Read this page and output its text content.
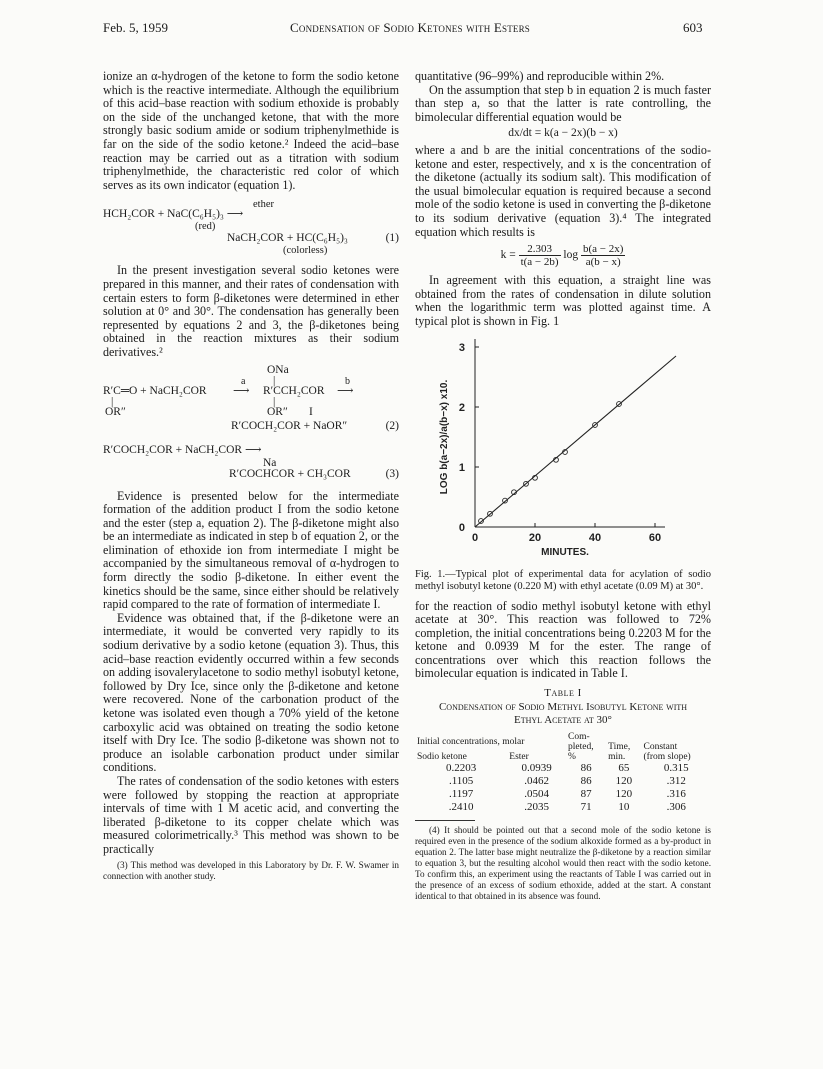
Feb. 5, 1959	Condensation of Sodio Ketones with Esters	603

ionize an α-hydrogen of the ketone to form the sodio ketone which is the reactive intermediate. Although the equilibrium of this acid–base reaction with sodium ethoxide is probably on the side of the unchanged ketone, that with the more strongly basic sodium amide or sodium triphenylmethide is far on the side of the sodio ketone.² Indeed the acid–base reaction may be carried out as a titration with sodium triphenylmethide, the characteristic red color of which serves as its own indicator (equation 1).

ether
HCH₂COR + NaC(C₆H₅)₃ ⟶
(red)
NaCH₂COR + HC(C₆H₅)₃	(1)
(colorless)

In the present investigation several sodio ketones were prepared in this manner, and their rates of condensation with certain esters to form β-diketones were determined in ether solution at 0° and 30°. The condensation has generally been represented by equations 2 and 3, the β-diketones being obtained in the reaction mixtures as their sodium derivatives.²

ONa
|
a	b
R′C═O + NaCH₂COR ⟶ R′CCH₂COR ⟶
|	|
OR″	OR″ I
R′COCH₂COR + NaOR″	(2)
R′COCH₂COR + NaCH₂COR ⟶
Na
R′COCHCOR + CH₃COR	(3)

Evidence is presented below for the intermediate formation of the addition product I from the sodio ketone and the ester (step a, equation 2). The β-diketone might also be an intermediate as indicated in step b of equation 2, or the elimination of ethoxide ion from intermediate I might be accompanied by the simultaneous removal of α-hydrogen to form directly the sodio β-diketone. In either event the kinetics should be the same, since either should be relatively rapid compared to the rate of formation of intermediate I.

Evidence was obtained that, if the β-diketone were an intermediate, it would be converted very rapidly to its sodium derivative by a sodio ketone (equation 3). Thus, this acid–base reaction evidently occurred within a few seconds on adding isovalerylacetone to sodio methyl isobutyl ketone, followed by Dry Ice, since only the β-diketone and ketone were recovered. None of the carbonation product of the ketone was isolated even though a 70% yield of the ketone carboxylic acid was obtained on treating the sodio ketone itself with Dry Ice. The sodio β-diketone was shown not to produce an isolable carbonation product under similar conditions.

The rates of condensation of the sodio ketones with esters were followed by stopping the reaction at appropriate intervals of time with 1 M acetic acid, and converting the liberated β-diketone to its copper chelate which was measured colorimetrically.³ This method was shown to be practically

(3) This method was developed in this Laboratory by Dr. F. W. Swamer in connection with another study.

quantitative (96–99%) and reproducible within 2%.

On the assumption that step b in equation 2 is much faster than step a, so that the latter is rate controlling, the bimolecular differential equation would be

dx/dt = k(a − 2x)(b − x)

where a and b are the initial concentrations of the sodio-ketone and ester, respectively, and x is the concentration of the diketone (actually its sodium salt). This modification of the usual bimolecular equation is required because a second mole of the sodio ketone is used in converting the β-diketone to its sodium derivative (equation 3).⁴ The integrated equation which results is

$k = \frac{2.303}{t(a - 2b)}$ $\log \frac{b(a - 2x)}{a(b - x)}$

In agreement with this equation, a straight line was obtained from the rates of condensation in dilute solution when the logarithmic term was plotted against time. A typical plot is shown in Fig. 1

0	20	40	60
0
1
2
3
MINUTES.
LOG b(a−2x)/a(b−x) x10.

Fig. 1.—Typical plot of experimental data for acylation of sodio methyl isobutyl ketone (0.220 M) with ethyl acetate (0.09 M) at 30°.

for the reaction of sodio methyl isobutyl ketone with ethyl acetate at 30°. This reaction was followed to 72% completion, the initial concentrations being 0.2203 M for the ketone and 0.0939 M for the ester. The range of concentrations over which this reaction follows the bimolecular equation is indicated in Table I.

Table I
Condensation of Sodio Methyl Isobutyl Ketone with
Ethyl Acetate at 30°
Initial concentrations, molar		Com-
pleted,
%	Time,
min.	Constant
(from slope)
Sodio ketone	Ester			
0.2203	0.0939	86	65	0.315
.1105	.0462	86	120	.312
.1197	.0504	87	120	.316
.2410	.2035	71	10	.306

(4) It should be pointed out that a second mole of the sodio ketone is required even in the presence of the sodium alkoxide formed as a by-product in equation 2. The latter base might neutralize the β-diketone by a reaction similar to equation 3, but the resulting alcohol would then react with the sodio ketone. To confirm this, an experiment using the reactants of Table I was carried out in the presence of an excess of sodium ethoxide, added at the start. A constant identical to that obtained in its absence was found.
